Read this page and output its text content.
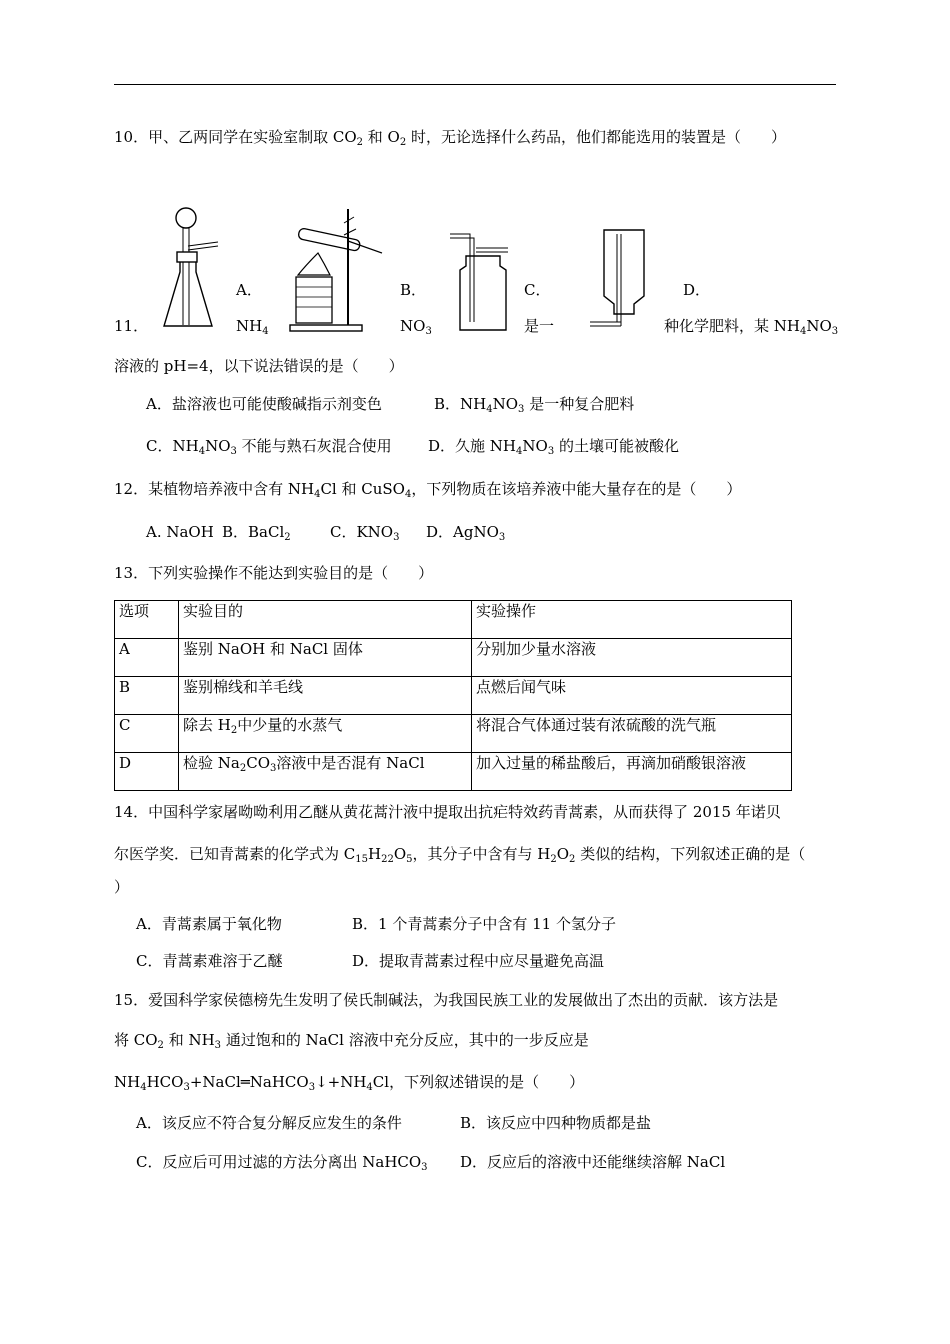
10．甲、乙两同学在实验室制取 $CO_2$ 和 $O_2$ 时，无论选择什么药品，他们都能选用的装置是（　　）
A．	B．	C．	D．
11．	$NH_4$	$NO_3$	是一	种化学肥料，某 $NH_4NO_3$
溶液的 pH=4，以下说法错误的是（　　）
A．盐溶液也可能使酸碱指示剂变色	B．$NH_4NO_3$ 是一种复合肥料
C．$NH_4NO_3$ 不能与熟石灰混合使用 D．久施 $NH_4NO_3$ 的土壤可能被酸化
12．某植物培养液中含有 $NH_4Cl$ 和 CuSO$_4$，下列物质在该培养液中能大量存在的是（　　）
A. NaOH B．BaCl$_2$	C．$KNO_3$ D．AgNO$_3$
13．下列实验操作不能达到实验目的是（　　）
选项	实验目的	实验操作
A	鉴别 NaOH 和 NaCl 固体	分别加少量水溶液
B	鉴别棉线和羊毛线	点燃后闻气味
C	除去 $H_2$中少量的水蒸气	将混合气体通过装有浓硫酸的洗气瓶
D	检验 $Na_2CO_3$溶液中是否混有 NaCl	加入过量的稀盐酸后，再滴加硝酸银溶液
14．中国科学家屠呦呦利用乙醚从黄花蒿汁液中提取出抗疟特效药青蒿素，从而获得了 2015 年诺贝
尔医学奖．已知青蒿素的化学式为 $C_{15}H_{22}O_5$，其分子中含有与 $H_2O_2$ 类似的结构，下列叙述正确的是（
）
A．青蒿素属于氧化物	B．1 个青蒿素分子中含有 11 个氢分子
C．青蒿素难溶于乙醚	D．提取青蒿素过程中应尽量避免高温
15．爱国科学家侯德榜先生发明了侯氏制碱法，为我国民族工业的发展做出了杰出的贡献．该方法是
将 $CO_2$ 和 $NH_3$ 通过饱和的 NaCl 溶液中充分反应，其中的一步反应是
$NH_4HCO_3+NaCl═NaHCO_3↓+NH_4Cl$，下列叙述错误的是（　　）
A．该反应不符合复分解反应发生的条件	B．该反应中四种物质都是盐
C．反应后可用过滤的方法分离出 NaHCO$_3$ D．反应后的溶液中还能继续溶解 NaCl
